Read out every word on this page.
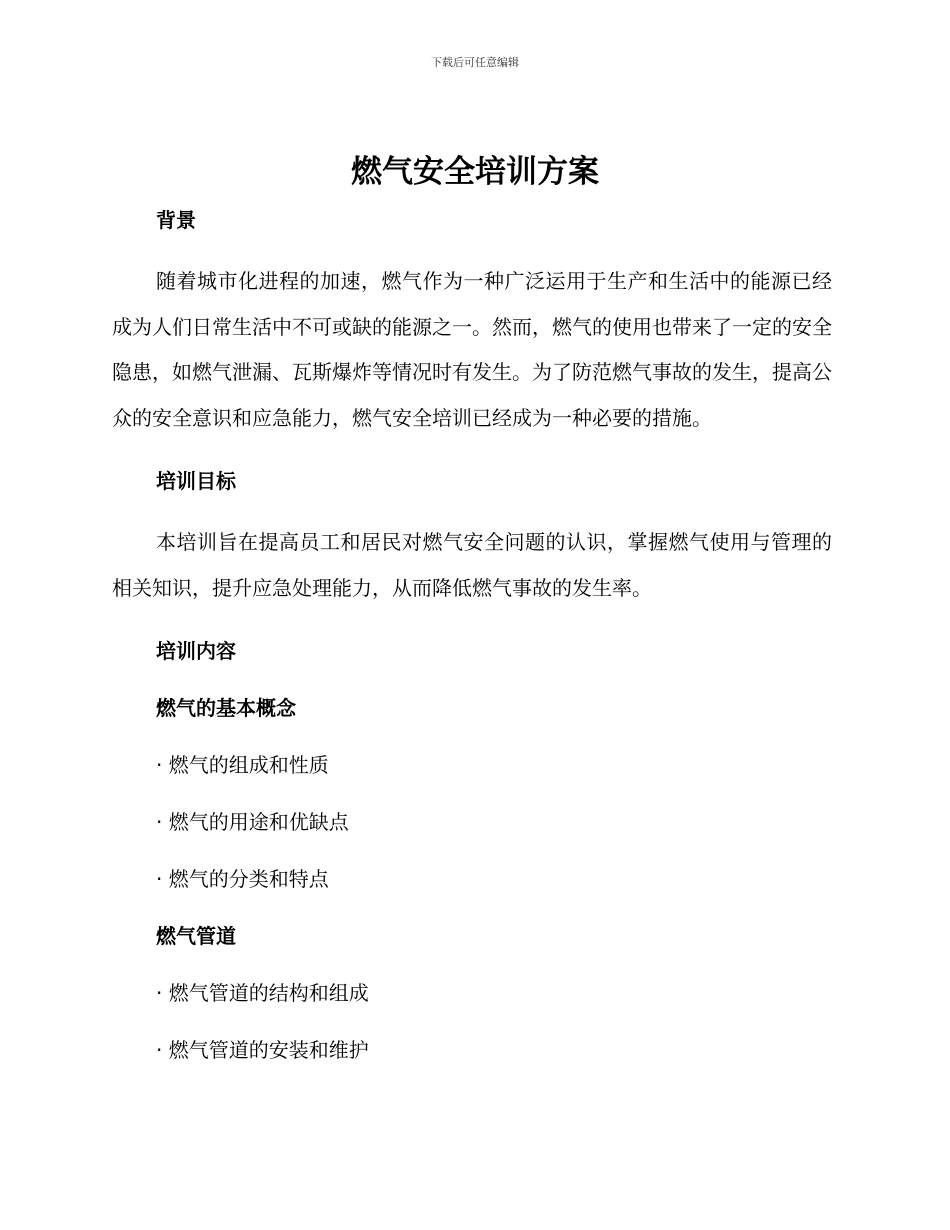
下载后可任意编辑
燃气安全培训方案

背景

随着城市化进程的加速，燃气作为一种广泛运用于生产和生活中的能源已经成为人们日常生活中不可或缺的能源之一。然而，燃气的使用也带来了一定的安全隐患，如燃气泄漏、瓦斯爆炸等情况时有发生。为了防范燃气事故的发生，提高公众的安全意识和应急能力，燃气安全培训已经成为一种必要的措施。

培训目标

本培训旨在提高员工和居民对燃气安全问题的认识，掌握燃气使用与管理的相关知识，提升应急处理能力，从而降低燃气事故的发生率。

培训内容

燃气的基本概念

· 燃气的组成和性质

· 燃气的用途和优缺点

· 燃气的分类和特点

燃气管道

· 燃气管道的结构和组成

· 燃气管道的安装和维护
